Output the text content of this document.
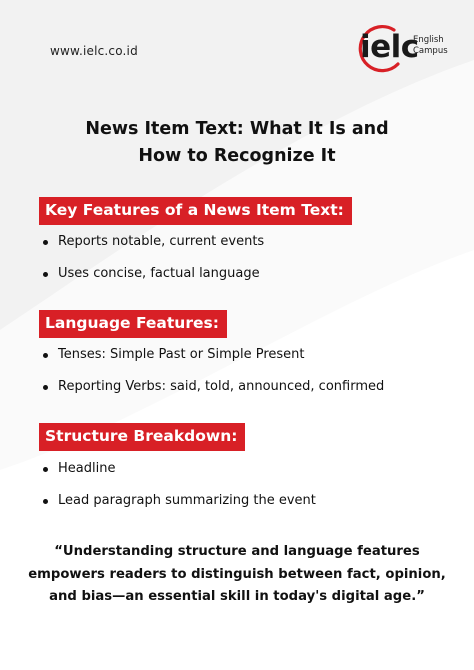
www.ielc.co.id	ielc
English
Campus
News Item Text: What It Is and
How to Recognize It
Key Features of a News Item Text:
Reports notable, current events
Uses concise, factual language
Language Features:
Tenses: Simple Past or Simple Present
Reporting Verbs: said, told, announced, confirmed
Structure Breakdown:
Headline
Lead paragraph summarizing the event
“Understanding structure and language features
empowers readers to distinguish between fact, opinion,
and bias—an essential skill in today's digital age.”
